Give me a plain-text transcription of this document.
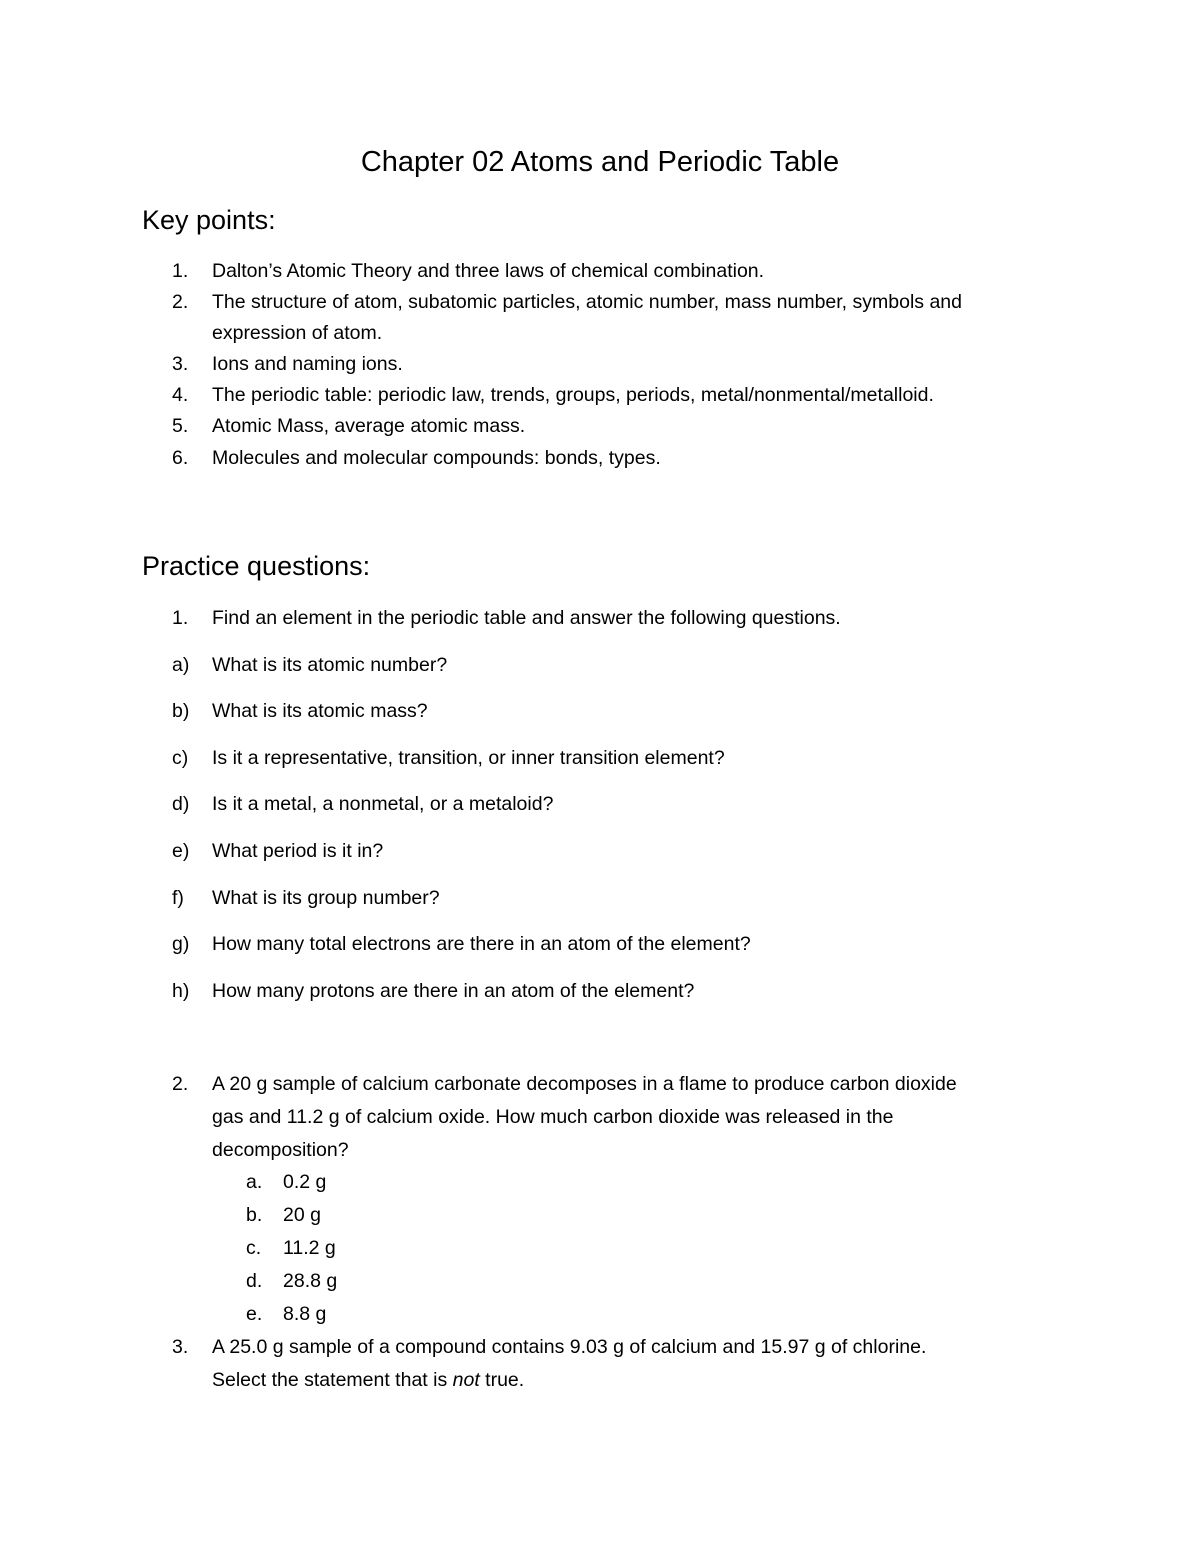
Chapter 02 Atoms and Periodic Table
Key points:
1.	Dalton’s Atomic Theory and three laws of chemical combination.
2.	The structure of atom, subatomic particles, atomic number, mass number, symbols and
expression of atom.
3.	Ions and naming ions.
4.	The periodic table: periodic law, trends, groups, periods, metal/nonmental/metalloid.
5.	Atomic Mass, average atomic mass.
6.	Molecules and molecular compounds: bonds, types.
Practice questions:
1.	Find an element in the periodic table and answer the following questions.
a)	What is its atomic number?
b)	What is its atomic mass?
c)	Is it a representative, transition, or inner transition element?
d)	Is it a metal, a nonmetal, or a metaloid?
e)	What period is it in?
f)	What is its group number?
g)	How many total electrons are there in an atom of the element?
h)	How many protons are there in an atom of the element?
2.	A 20 g sample of calcium carbonate decomposes in a flame to produce carbon dioxide
gas and 11.2 g of calcium oxide. How much carbon dioxide was released in the
decomposition?
a.	0.2 g
b.	20 g
c.	11.2 g
d.	28.8 g
e.	8.8 g
3.	A 25.0 g sample of a compound contains 9.03 g of calcium and 15.97 g of chlorine.
Select the statement that is not true.
